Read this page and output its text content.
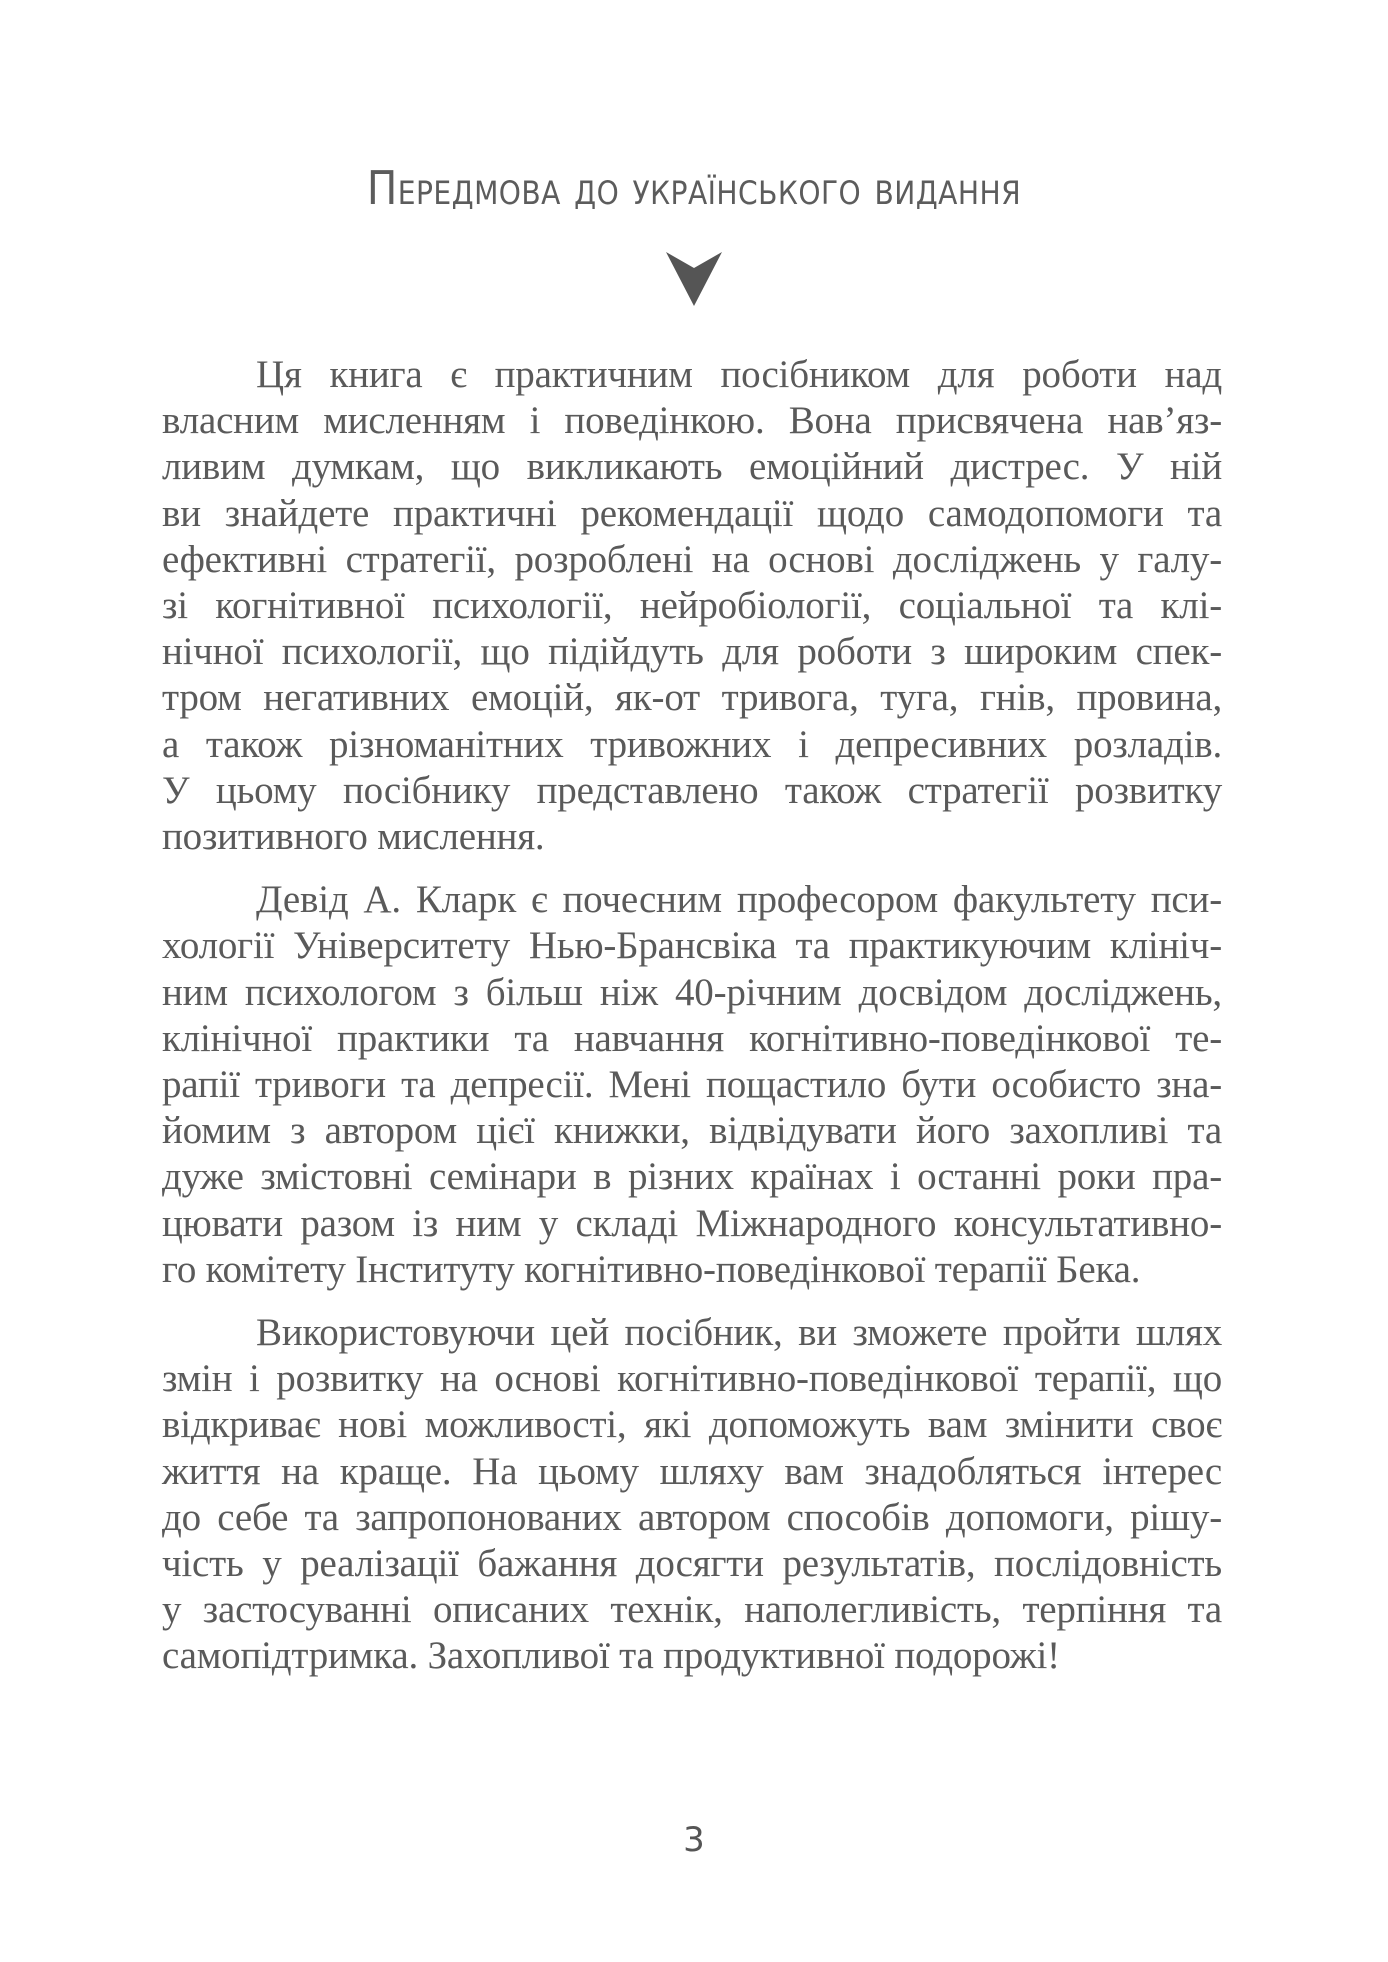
Передмова до українського видання

Ця книга є практичним посібником для роботи над
власним мисленням і поведінкою. Вона присвячена нав’яз-
ливим думкам, що викликають емоційний дистрес. У ній
ви знайдете практичні рекомендації щодо самодопомоги та
ефективні стратегії, розроблені на основі досліджень у галу-
зі когнітивної психології, нейробіології, соціальної та клі-
нічної психології, що підійдуть для роботи з широким спек-
тром негативних емоцій, як-от тривога, туга, гнів, провина,
а також різноманітних тривожних і депресивних розладів.
У цьому посібнику представлено також стратегії розвитку
позитивного мислення.

Девід А. Кларк є почесним професором факультету пси-
хології Університету Нью-Брансвіка та практикуючим клініч-
ним психологом з більш ніж 40-річним досвідом досліджень,
клінічної практики та навчання когнітивно-поведінкової те-
рапії тривоги та депресії. Мені пощастило бути особисто зна-
йомим з автором цієї книжки, відвідувати його захопливі та
дуже змістовні семінари в різних країнах і останні роки пра-
цювати разом із ним у складі Міжнародного консультативно-
го комітету Інституту когнітивно-поведінкової терапії Бека.

Використовуючи цей посібник, ви зможете пройти шлях
змін і розвитку на основі когнітивно-поведінкової терапії, що
відкриває нові можливості, які допоможуть вам змінити своє
життя на краще. На цьому шляху вам знадобляться інтерес
до себе та запропонованих автором способів допомоги, рішу-
чість у реалізації бажання досягти результатів, послідовність
у застосуванні описаних технік, наполегливість, терпіння та
самопідтримка. Захопливої та продуктивної подорожі!

3
